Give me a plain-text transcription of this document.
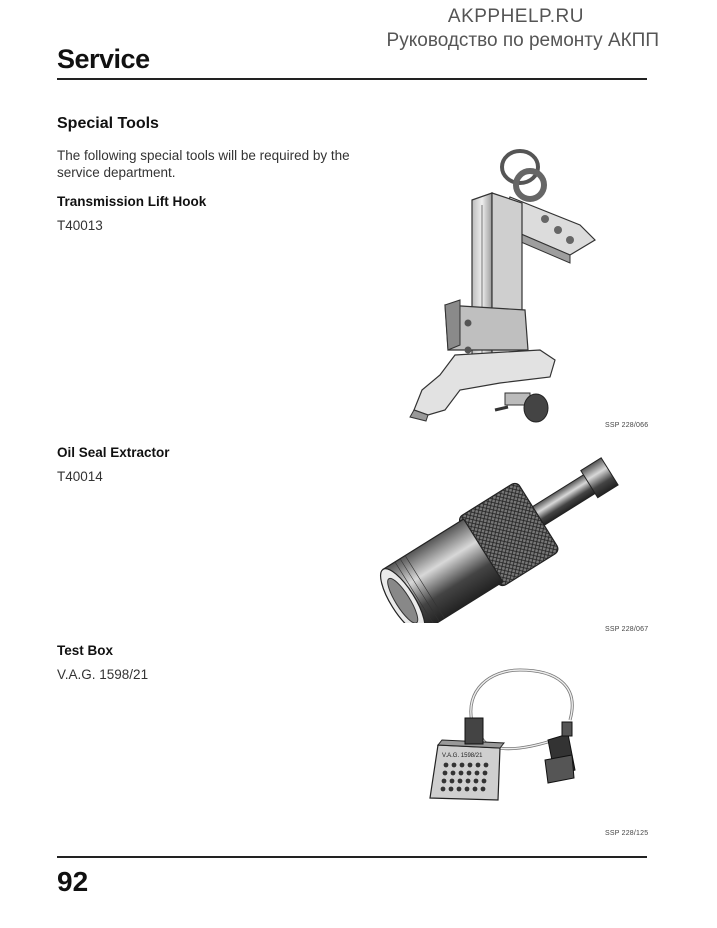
AKPPHELP.RU
Руководство по ремонту АКПП
Service
Special Tools
The following special tools will be required by the service department.
Transmission Lift Hook
T40013
SSP 228/066
Oil Seal Extractor
T40014
SSP 228/067
Test Box
V.A.G. 1598/21
V.A.G. 1598/21
SSP 228/125
92
